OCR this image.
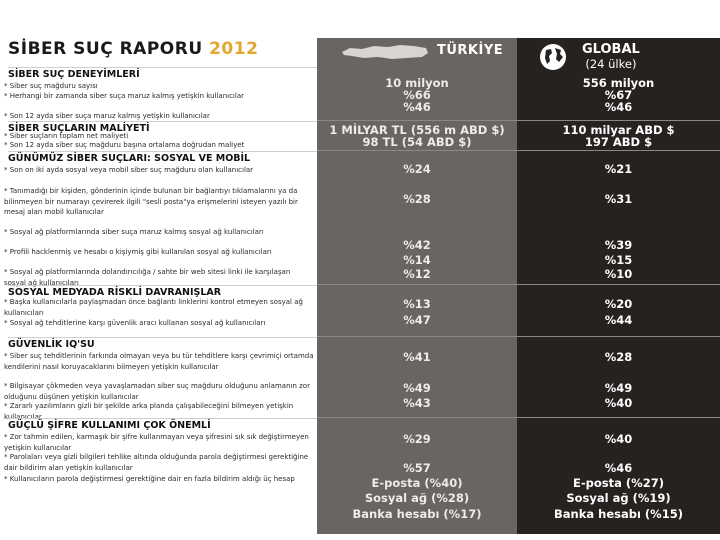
SİBER SUÇ RAPORU 2012	TÜRKİYE	GLOBAL
(24 ülke)
SİBER SUÇ DENEYİMLERİ
* Siber suç mağduru sayısı
* Herhangi bir zamanda siber suça maruz kalmış yetişkin kullanıcılar
* Son 12 ayda siber suça maruz kalmış yetişkin kullanıcılar
10 milyon
%66
%46
556 milyon
%67
%46
SİBER SUÇLARIN MALİYETİ
* Siber suçların toplam net maliyeti
* Son 12 ayda siber suç mağduru başına ortalama doğrudan maliyet
1 MİLYAR TL (556 m ABD $)
98 TL (54 ABD $)
110 milyar ABD $
197 ABD $
GÜNÜMÜZ SİBER SUÇLARI: SOSYAL VE MOBİL
* Son on iki ayda sosyal veya mobil siber suç mağduru olan kullanıcılar
* Tanımadığı bir kişiden, gönderinin içinde bulunan bir bağlantıyı tıklamalarını ya da bilinmeyen bir numarayı çevirerek ilgili "sesli posta"ya erişmelerini isteyen yazılı bir mesaj alan mobil kullanıcılar
* Sosyal ağ platformlarında siber suça maruz kalmış sosyal ağ kullanıcıları
* Profili hacklenmiş ve hesabı o kişiymiş gibi kullanılan sosyal ağ kullanıcıları
* Sosyal ağ platformlarında dolandırıcılığa / sahte bir web sitesi linki ile karşılaşan sosyal ağ kullanıcıları
%24
%28
%42
%14
%12
%21
%31
%39
%15
%10
SOSYAL MEDYADA RİSKLİ DAVRANIŞLAR
* Başka kullanıcılarla paylaşmadan önce bağlantı linklerini kontrol etmeyen sosyal ağ kullanıcıları
* Sosyal ağ tehditlerine karşı güvenlik aracı kullanan sosyal ağ kullanıcıları
%13
%47
%20
%44
GÜVENLİK IQ'SU
* Siber suç tehditlerinin farkında olmayan veya bu tür tehditlere karşı çevrimiçi ortamda kendilerini nasıl koruyacaklarını bilmeyen yetişkin kullanıcılar
* Bilgisayar çökmeden veya yavaşlamadan siber suç mağduru olduğunu anlamanın zor olduğunu düşünen yetişkin kullanıcılar
* Zararlı yazılımların gizli bir şekilde arka planda çalışabileceğini bilmeyen yetişkin kullanıcılar
%41
%49
%43
%28
%49
%40
GÜÇLÜ ŞİFRE KULLANIMI ÇOK ÖNEMLİ
* Zor tahmin edilen, karmaşık bir şifre kullanmayan veya şifresini sık sık değiştirmeyen yetişkin kullanıcılar
* Parolaları veya gizli bilgileri tehlike altında olduğunda parola değiştirmesi gerektiğine dair bildirim alan yetişkin kullanıcılar
* Kullanıcıların parola değiştirmesi gerektiğine dair en fazla bildirim aldığı üç hesap
%29
%57
E-posta (%40)
Sosyal ağ (%28)
Banka hesabı (%17)
%40
%46
E-posta (%27)
Sosyal ağ (%19)
Banka hesabı (%15)
